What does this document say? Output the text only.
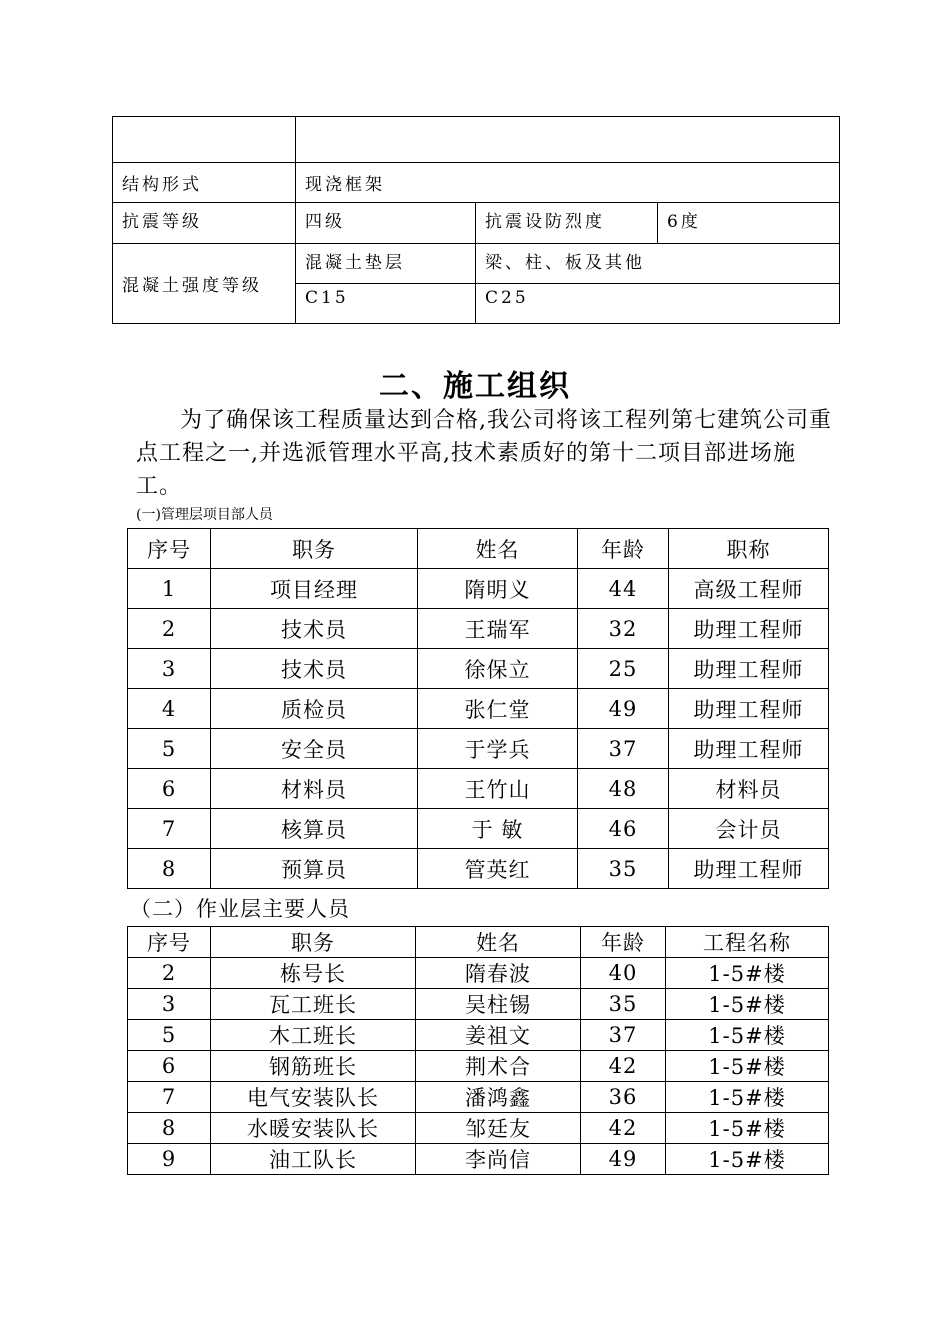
结构形式	现浇框架		
抗震等级	四级	抗震设防烈度	6度
混凝土强度等级	混凝土垫层	梁、柱、板及其他	
	C15	C25	
二、施工组织

为了确保该工程质量达到合格,我公司将该工程列第七建筑公司重点工程之一,并选派管理水平高,技术素质好的第十二项目部进场施工。

(一)管理层项目部人员

序号	职务	姓名	年龄	职称
1	项目经理	隋明义	44	高级工程师
2	技术员	王瑞军	32	助理工程师
3	技术员	徐保立	25	助理工程师
4	质检员	张仁堂	49	助理工程师
5	安全员	于学兵	37	助理工程师
6	材料员	王竹山	48	材料员
7	核算员	于 敏	46	会计员
8	预算员	管英红	35	助理工程师

（二）作业层主要人员

序号	职务	姓名	年龄	工程名称
2	栋号长	隋春波	40	1-5#楼
3	瓦工班长	吴柱锡	35	1-5#楼
5	木工班长	姜祖文	37	1-5#楼
6	钢筋班长	荆术合	42	1-5#楼
7	电气安装队长	潘鸿鑫	36	1-5#楼
8	水暖安装队长	邹廷友	42	1-5#楼
9	油工队长	李尚信	49	1-5#楼
